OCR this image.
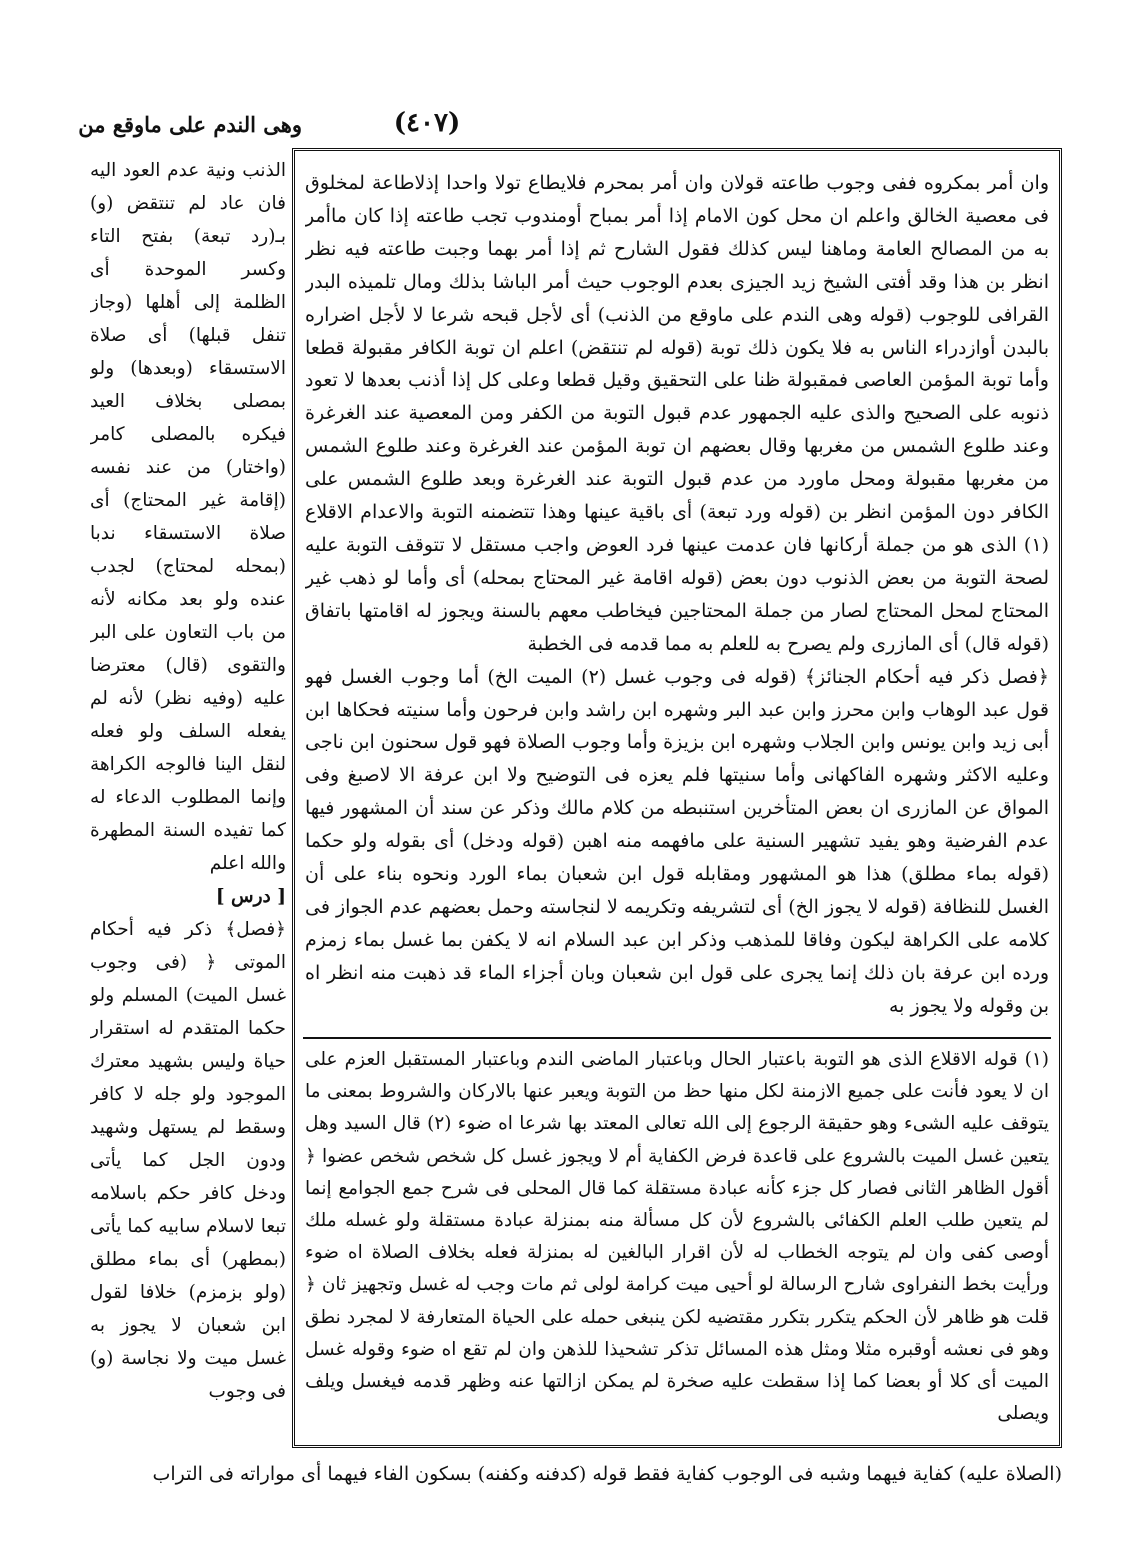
(٤٠٧)
وهى الندم على ماوقع من

وان أمر بمكروه ففى وجوب طاعته قولان وان أمر بمحرم فلايطاع تولا واحدا إذلاطاعة لمخلوق فى معصية الخالق واعلم ان محل كون الامام إذا أمر بمباح أومندوب تجب طاعته إذا كان ماأمر به من المصالح العامة وماهنا ليس كذلك فقول الشارح ثم إذا أمر بهما وجبت طاعته فيه نظر انظر بن هذا وقد أفتى الشيخ زيد الجيزى بعدم الوجوب حيث أمر الباشا بذلك ومال تلميذه البدر القرافى للوجوب (قوله وهى الندم على ماوقع من الذنب) أى لأجل قبحه شرعا لا لأجل اضراره بالبدن أوازدراء الناس به فلا يكون ذلك توبة (قوله لم تنتقض) اعلم ان توبة الكافر مقبولة قطعا وأما توبة المؤمن العاصى فمقبولة ظنا على التحقيق وقيل قطعا وعلى كل إذا أذنب بعدها لا تعود ذنوبه على الصحيح والذى عليه الجمهور عدم قبول التوبة من الكفر ومن المعصية عند الغرغرة وعند طلوع الشمس من مغربها وقال بعضهم ان توبة المؤمن عند الغرغرة وعند طلوع الشمس من مغربها مقبولة ومحل ماورد من عدم قبول التوبة عند الغرغرة وبعد طلوع الشمس على الكافر دون المؤمن انظر بن (قوله ورد تبعة) أى باقية عينها وهذا تتضمنه التوبة والاعدام الاقلاع (١) الذى هو من جملة أركانها فان عدمت عينها فرد العوض واجب مستقل لا تتوقف التوبة عليه لصحة التوبة من بعض الذنوب دون بعض (قوله اقامة غير المحتاج بمحله) أى وأما لو ذهب غير المحتاج لمحل المحتاج لصار من جملة المحتاجين فيخاطب معهم بالسنة ويجوز له اقامتها باتفاق (قوله قال) أى المازرى ولم يصرح به للعلم به مما قدمه فى الخطبة

﴿فصل ذكر فيه أحكام الجنائز﴾ (قوله فى وجوب غسل (٢) الميت الخ) أما وجوب الغسل فهو قول عبد الوهاب وابن محرز وابن عبد البر وشهره ابن راشد وابن فرحون وأما سنيته فحكاها ابن أبى زيد وابن يونس وابن الجلاب وشهره ابن بزيزة وأما وجوب الصلاة فهو قول سحنون ابن ناجى وعليه الاكثر وشهره الفاكهانى وأما سنيتها فلم يعزه فى التوضيح ولا ابن عرفة الا لاصبغ وفى المواق عن المازرى ان بعض المتأخرين استنبطه من كلام مالك وذكر عن سند أن المشهور فيها عدم الفرضية وهو يفيد تشهير السنية على مافهمه منه اهبن (قوله ودخل) أى بقوله ولو حكما (قوله بماء مطلق) هذا هو المشهور ومقابله قول ابن شعبان بماء الورد ونحوه بناء على أن الغسل للنظافة (قوله لا يجوز الخ) أى لتشريفه وتكريمه لا لنجاسته وحمل بعضهم عدم الجواز فى كلامه على الكراهة ليكون وفاقا للمذهب وذكر ابن عبد السلام انه لا يكفن بما غسل بماء زمزم ورده ابن عرفة بان ذلك إنما يجرى على قول ابن شعبان وبان أجزاء الماء قد ذهبت منه انظر اه بن وقوله ولا يجوز به

(١) قوله الاقلاع الذى هو التوبة باعتبار الحال وباعتبار الماضى الندم وباعتبار المستقبل العزم على ان لا يعود فأنت على جميع الازمنة لكل منها حظ من التوبة ويعبر عنها بالاركان والشروط بمعنى ما يتوقف عليه الشىء وهو حقيقة الرجوع إلى الله تعالى المعتد بها شرعا اه ضوء (٢) قال السيد وهل يتعين غسل الميت بالشروع على قاعدة فرض الكفاية أم لا ويجوز غسل كل شخص شخص عضوا ﴿ أقول الظاهر الثانى فصار كل جزء كأنه عبادة مستقلة كما قال المحلى فى شرح جمع الجوامع إنما لم يتعين طلب العلم الكفائى بالشروع لأن كل مسألة منه بمنزلة عبادة مستقلة ولو غسله ملك أوصى كفى وان لم يتوجه الخطاب له لأن اقرار البالغين له بمنزلة فعله بخلاف الصلاة اه ضوء ورأيت بخط النفراوى شارح الرسالة لو أحيى ميت كرامة لولى ثم مات وجب له غسل وتجهيز ثان ﴿ قلت هو ظاهر لأن الحكم يتكرر بتكرر مقتضيه لكن ينبغى حمله على الحياة المتعارفة لا لمجرد نطق وهو فى نعشه أوقبره مثلا ومثل هذه المسائل تذكر تشحيذا للذهن وان لم تقع اه ضوء وقوله غسل الميت أى كلا أو بعضا كما إذا سقطت عليه صخرة لم يمكن ازالتها عنه وظهر قدمه فيغسل ويلف ويصلى

الذنب ونية عدم العود اليه فان عاد لم تنتقض (و) بـ(رد تبعة) بفتح التاء وكسر الموحدة أى الظلمة إلى أهلها (وجاز تنفل قبلها) أى صلاة الاستسقاء (وبعدها) ولو بمصلى بخلاف العيد فيكره بالمصلى كامر (واختار) من عند نفسه (إقامة غير المحتاج) أى صلاة الاستسقاء ندبا (بمحله لمحتاج) لجدب عنده ولو بعد مكانه لأنه من باب التعاون على البر والتقوى (قال) معترضا عليه (وفيه نظر) لأنه لم يفعله السلف ولو فعله لنقل الينا فالوجه الكراهة وإنما المطلوب الدعاء له كما تفيده السنة المطهرة والله اعلم

[ درس ]

﴿فصل﴾ ذكر فيه أحكام الموتى ﴿ (فى وجوب غسل الميت) المسلم ولو حكما المتقدم له استقرار حياة وليس بشهيد معترك الموجود ولو جله لا كافر وسقط لم يستهل وشهيد ودون الجل كما يأتى ودخل كافر حكم باسلامه تبعا لاسلام سابيه كما يأتى (بمطهر) أى بماء مطلق (ولو بزمزم) خلافا لقول ابن شعبان لا يجوز به غسل ميت ولا نجاسة (و) فى وجوب

(الصلاة عليه) كفاية فيهما وشبه فى الوجوب كفاية فقط قوله (كدفنه وكفنه) بسكون الفاء فيهما أى مواراته فى التراب
